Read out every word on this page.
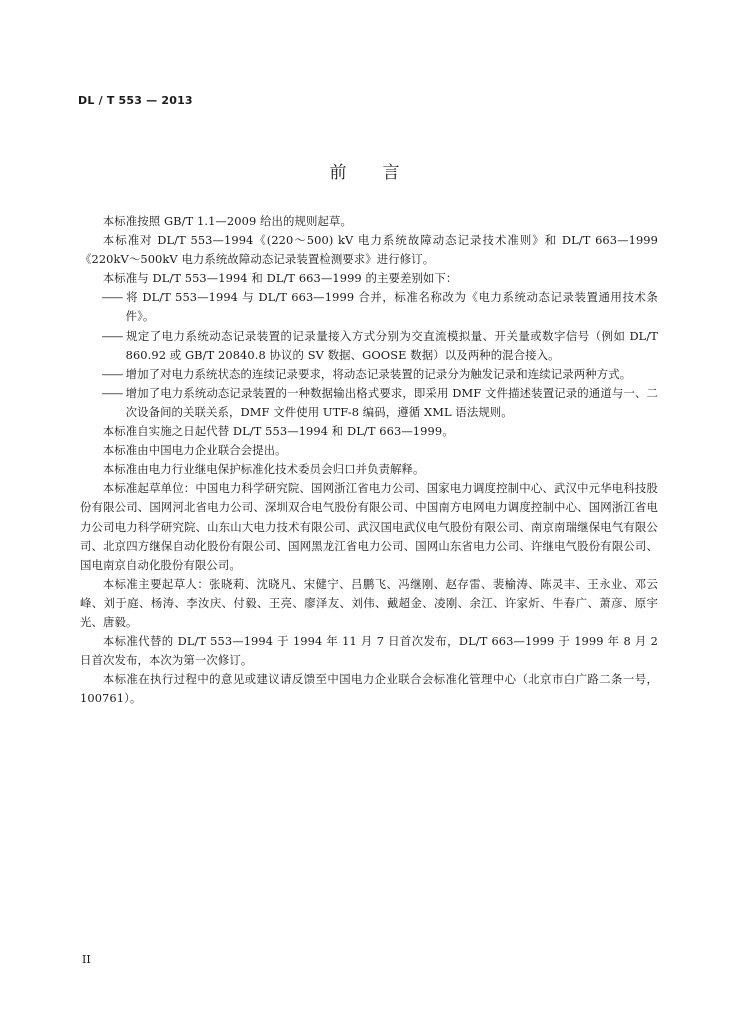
DL / T 553 — 2013
前言

本标准按照 GB/T 1.1—2009 给出的规则起草。

本标准对 DL/T 553—1994《(220～500) kV 电力系统故障动态记录技术准则》和 DL/T 663—1999《220kV～500kV 电力系统故障动态记录装置检测要求》进行修订。

本标准与 DL/T 553—1994 和 DL/T 663—1999 的主要差别如下：

—— 将 DL/T 553—1994 与 DL/T 663—1999 合并，标准名称改为《电力系统动态记录装置通用技术条件》。

—— 规定了电力系统动态记录装置的记录量接入方式分别为交直流模拟量、开关量或数字信号（例如 DL/T 860.92 或 GB/T 20840.8 协议的 SV 数据、GOOSE 数据）以及两种的混合接入。

—— 增加了对电力系统状态的连续记录要求，将动态记录装置的记录分为触发记录和连续记录两种方式。

—— 增加了电力系统动态记录装置的一种数据输出格式要求，即采用 DMF 文件描述装置记录的通道与一、二次设备间的关联关系，DMF 文件使用 UTF-8 编码，遵循 XML 语法规则。

本标准自实施之日起代替 DL/T 553—1994 和 DL/T 663—1999。

本标准由中国电力企业联合会提出。

本标准由电力行业继电保护标准化技术委员会归口并负责解释。

本标准起草单位：中国电力科学研究院、国网浙江省电力公司、国家电力调度控制中心、武汉中元华电科技股份有限公司、国网河北省电力公司、深圳双合电气股份有限公司、中国南方电网电力调度控制中心、国网浙江省电力公司电力科学研究院、山东山大电力技术有限公司、武汉国电武仪电气股份有限公司、南京南瑞继保电气有限公司、北京四方继保自动化股份有限公司、国网黑龙江省电力公司、国网山东省电力公司、许继电气股份有限公司、国电南京自动化股份有限公司。

本标准主要起草人：张晓莉、沈晓凡、宋健宁、吕鹏飞、冯继刚、赵存雷、裴榆涛、陈灵丰、王永业、邓云峰、刘于庭、杨涛、李汝庆、付毅、王亮、廖泽友、刘伟、戴超金、凌刚、余江、许家炘、牛春广、萧彦、原宇光、唐毅。

本标准代替的 DL/T 553—1994 于 1994 年 11 月 7 日首次发布，DL/T 663—1999 于 1999 年 8 月 2 日首次发布，本次为第一次修订。

本标准在执行过程中的意见或建议请反馈至中国电力企业联合会标准化管理中心（北京市白广路二条一号，100761）。

II
